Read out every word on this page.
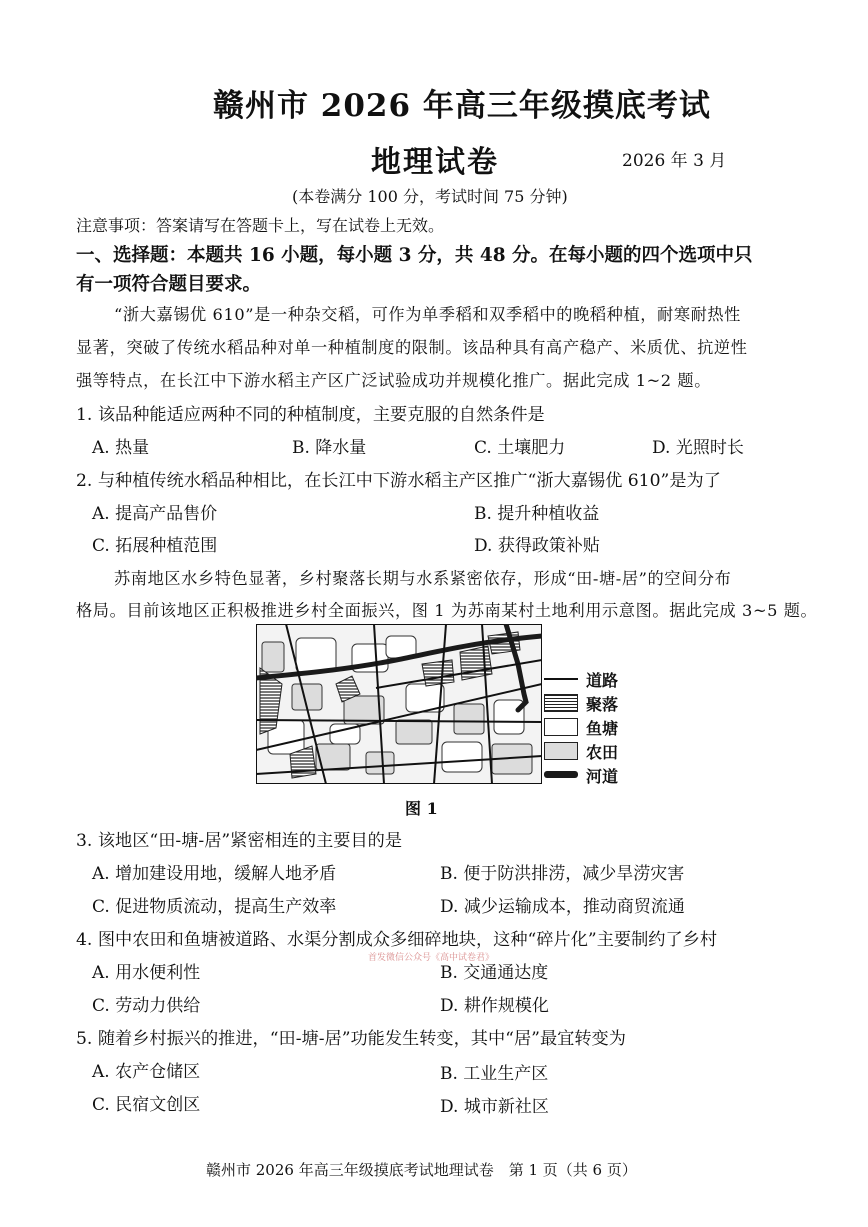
赣州市 2026 年高三年级摸底考试
地理试卷	2026 年 3 月
(本卷满分 100 分，考试时间 75 分钟)
注意事项：答案请写在答题卡上，写在试卷上无效。
一、选择题：本题共 16 小题，每小题 3 分，共 48 分。在每小题的四个选项中只
有一项符合题目要求。
“浙大嘉锡优 610”是一种杂交稻，可作为单季稻和双季稻中的晚稻种植，耐寒耐热性
显著，突破了传统水稻品种对单一种植制度的限制。该品种具有高产稳产、米质优、抗逆性
强等特点，在长江中下游水稻主产区广泛试验成功并规模化推广。据此完成 1~2 题。
1. 该品种能适应两种不同的种植制度，主要克服的自然条件是
A. 热量	B. 降水量	C. 土壤肥力	D. 光照时长
2. 与种植传统水稻品种相比，在长江中下游水稻主产区推广“浙大嘉锡优 610”是为了
A. 提高产品售价	B. 提升种植收益
C. 拓展种植范围	D. 获得政策补贴
苏南地区水乡特色显著，乡村聚落长期与水系紧密依存，形成“田-塘-居”的空间分布
格局。目前该地区正积极推进乡村全面振兴，图 1 为苏南某村土地利用示意图。据此完成 3~5 题。
道路
聚落
鱼塘
农田
河道
图 1
3. 该地区“田-塘-居”紧密相连的主要目的是
A. 增加建设用地，缓解人地矛盾	B. 便于防洪排涝，减少旱涝灾害
C. 促进物质流动，提高生产效率	D. 减少运输成本，推动商贸流通
4. 图中农田和鱼塘被道路、水渠分割成众多细碎地块，这种“碎片化”主要制约了乡村
A. 用水便利性
首发微信公众号《高中试卷君》
B. 交通通达度
C. 劳动力供给	D. 耕作规模化
5. 随着乡村振兴的推进，“田-塘-居”功能发生转变，其中“居”最宜转变为
A. 农产仓储区	B. 工业生产区
C. 民宿文创区	D. 城市新社区
赣州市 2026 年高三年级摸底考试地理试卷　第 1 页（共 6 页）
